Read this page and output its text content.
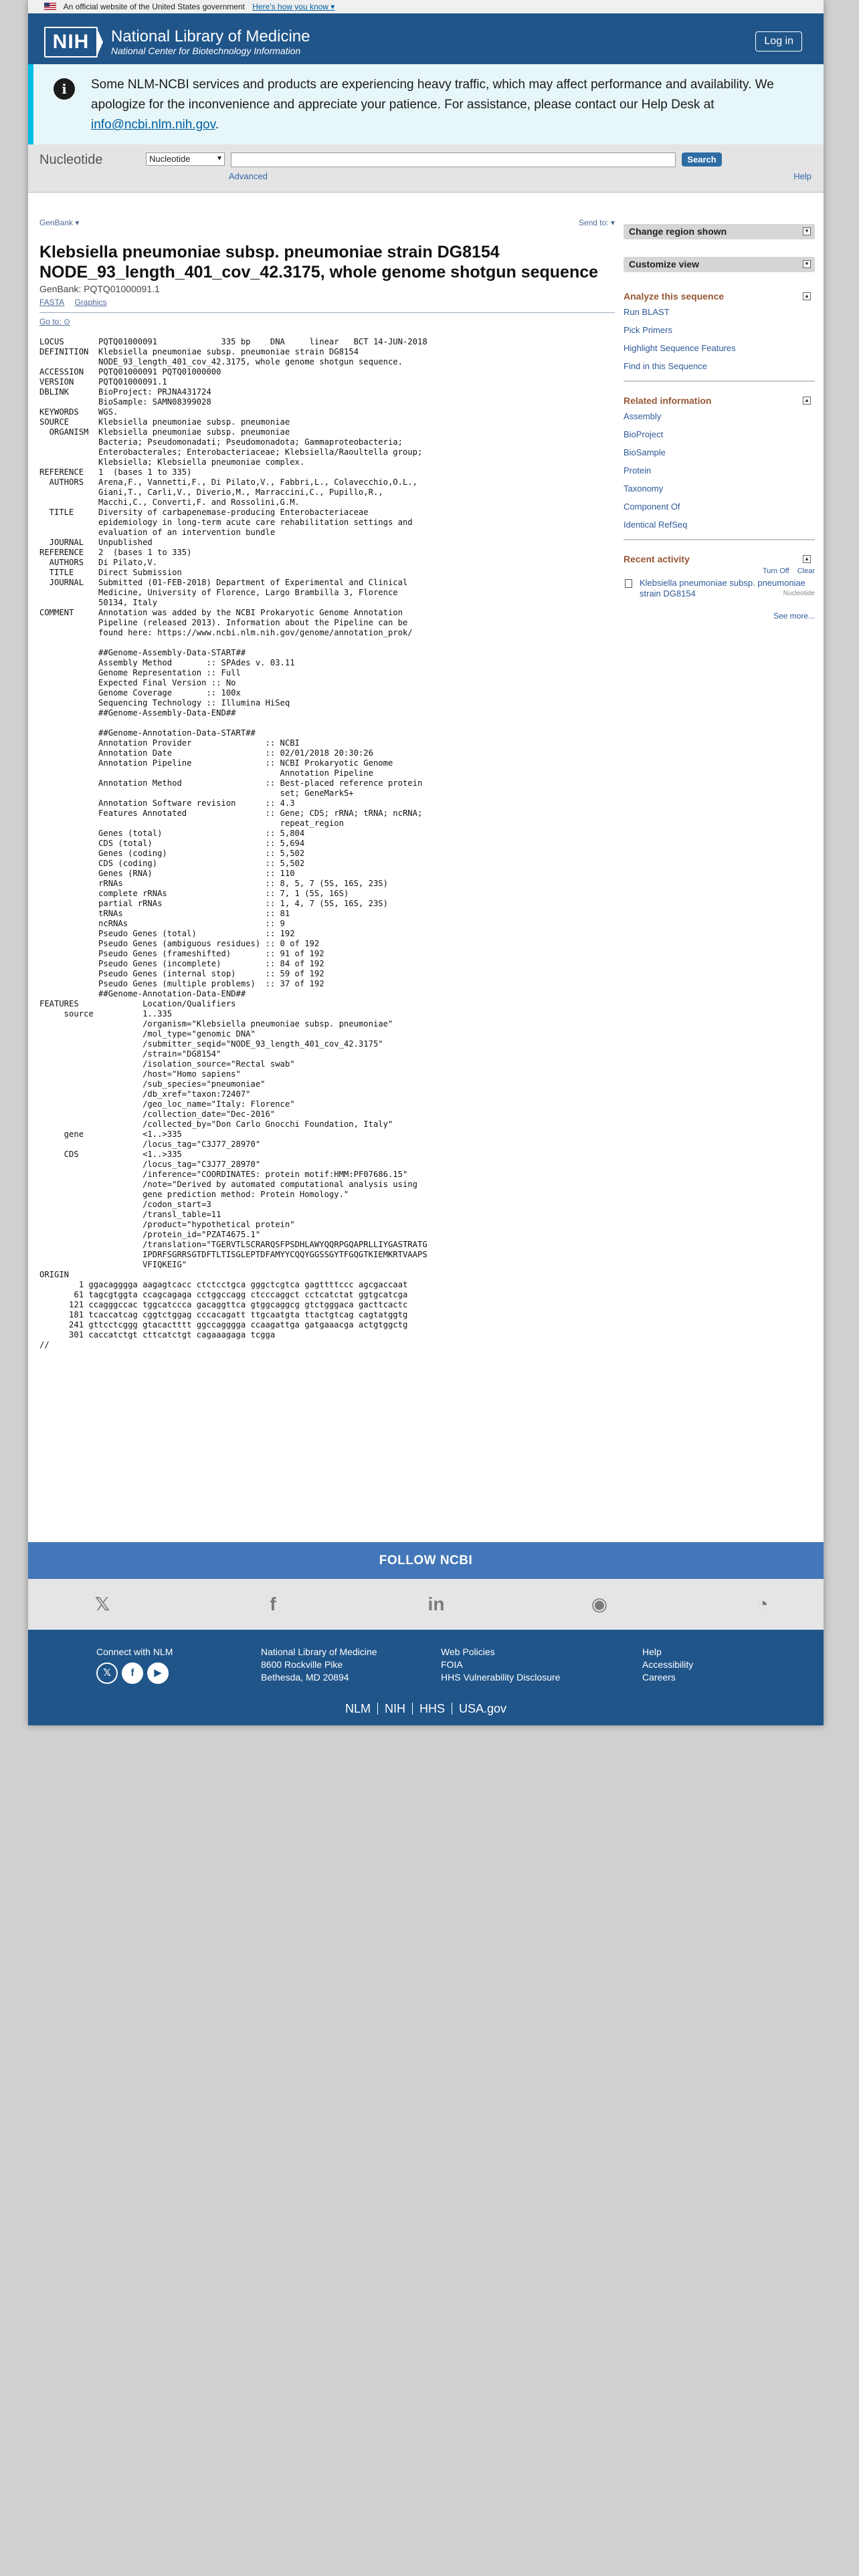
An official website of the United States government Here's how you know ▾
NIH	National Library of Medicine
National Center for Biotechnology Information
Log in
i	Some NLM-NCBI services and products are experiencing heavy traffic, which may affect performance and availability. We apologize for the inconvenience and appreciate your patience. For assistance, please contact our Help Desk at info@ncbi.nlm.nih.gov.
Nucleotide	Nucleotide ▾	Search
Advanced	Help
GenBank ▾	Send to: ▾
Klebsiella pneumoniae subsp. pneumoniae strain DG8154 NODE_93_length_401_cov_42.3175, whole genome shotgun sequence
GenBank: PQTQ01000091.1
FASTA Graphics
Go to: ⊙
LOCUS       PQTQ01000091             335 bp    DNA     linear   BCT 14-JUN-2018
DEFINITION  Klebsiella pneumoniae subsp. pneumoniae strain DG8154
NODE_93_length_401_cov_42.3175, whole genome shotgun sequence.
ACCESSION   PQTQ01000091 PQTQ01000000
VERSION     PQTQ01000091.1
DBLINK      BioProject: PRJNA431724
BioSample: SAMN08399028
KEYWORDS    WGS.
SOURCE      Klebsiella pneumoniae subsp. pneumoniae
ORGANISM  Klebsiella pneumoniae subsp. pneumoniae
Bacteria; Pseudomonadati; Pseudomonadota; Gammaproteobacteria;
Enterobacterales; Enterobacteriaceae; Klebsiella/Raoultella group;
Klebsiella; Klebsiella pneumoniae complex.
REFERENCE   1  (bases 1 to 335)
AUTHORS   Arena,F., Vannetti,F., Di Pilato,V., Fabbri,L., Colavecchio,O.L.,
Giani,T., Carli,V., Diverio,M., Marraccini,C., Pupillo,R.,
Macchi,C., Converti,F. and Rossolini,G.M.
TITLE     Diversity of carbapenemase-producing Enterobacteriaceae
epidemiology in long-term acute care rehabilitation settings and
evaluation of an intervention bundle
JOURNAL   Unpublished
REFERENCE   2  (bases 1 to 335)
AUTHORS   Di Pilato,V.
TITLE     Direct Submission
JOURNAL   Submitted (01-FEB-2018) Department of Experimental and Clinical
Medicine, University of Florence, Largo Brambilla 3, Florence
50134, Italy
COMMENT     Annotation was added by the NCBI Prokaryotic Genome Annotation
Pipeline (released 2013). Information about the Pipeline can be
found here: https://www.ncbi.nlm.nih.gov/genome/annotation_prok/

##Genome-Assembly-Data-START##
Assembly Method       :: SPAdes v. 03.11
Genome Representation :: Full
Expected Final Version :: No
Genome Coverage       :: 100x
Sequencing Technology :: Illumina HiSeq
##Genome-Assembly-Data-END##

##Genome-Annotation-Data-START##
Annotation Provider               :: NCBI
Annotation Date                   :: 02/01/2018 20:30:26
Annotation Pipeline               :: NCBI Prokaryotic Genome
Annotation Pipeline
Annotation Method                 :: Best-placed reference protein
set; GeneMarkS+
Annotation Software revision      :: 4.3
Features Annotated                :: Gene; CDS; rRNA; tRNA; ncRNA;
repeat_region
Genes (total)                     :: 5,804
CDS (total)                       :: 5,694
Genes (coding)                    :: 5,502
CDS (coding)                      :: 5,502
Genes (RNA)                       :: 110
rRNAs                             :: 8, 5, 7 (5S, 16S, 23S)
complete rRNAs                    :: 7, 1 (5S, 16S)
partial rRNAs                     :: 1, 4, 7 (5S, 16S, 23S)
tRNAs                             :: 81
ncRNAs                            :: 9
Pseudo Genes (total)              :: 192
Pseudo Genes (ambiguous residues) :: 0 of 192
Pseudo Genes (frameshifted)       :: 91 of 192
Pseudo Genes (incomplete)         :: 84 of 192
Pseudo Genes (internal stop)      :: 59 of 192
Pseudo Genes (multiple problems)  :: 37 of 192
##Genome-Annotation-Data-END##
FEATURES             Location/Qualifiers
source          1..335
/organism="Klebsiella pneumoniae subsp. pneumoniae"
/mol_type="genomic DNA"
/submitter_seqid="NODE_93_length_401_cov_42.3175"
/strain="DG8154"
/isolation_source="Rectal swab"
/host="Homo sapiens"
/sub_species="pneumoniae"
/db_xref="taxon:72407"
/geo_loc_name="Italy: Florence"
/collection_date="Dec-2016"
/collected_by="Don Carlo Gnocchi Foundation, Italy"
gene            <1..>335
/locus_tag="C3J77_28970"
CDS             <1..>335
/locus_tag="C3J77_28970"
/inference="COORDINATES: protein motif:HMM:PF07686.15"
/note="Derived by automated computational analysis using
gene prediction method: Protein Homology."
/codon_start=3
/transl_table=11
/product="hypothetical protein"
/protein_id="PZAT4675.1"
/translation="TGERVTLSCRARQSFPSDHLAWYQQRPGQAPRLLIYGASTRATG
IPDRFSGRRSGTDFTLTISGLEPTDFAMYYCQQYGGSSGYTFGQGTKIEMKRTVAAPS
VFIQKEIG"
ORIGIN
1 ggacaggggа aagagtcacc ctctcctgca gggctcgtca gagttttccc agcgaccaat
61 tagcgtggta ccagcagaga cctggccagg ctcccaggct cctcatctat ggtgcatcga
121 ccagggccac tggcatccca gacaggttca gtggcaggcg gtctgggaca gacttcactc
181 tcaccatcag cggtctggag cccacagatt ttgcaatgta ttactgtcag cagtatggtg
241 gttcctcggg gtacactttt ggccaggggа ccaagattga gatgaaacga actgtggctg
301 caccatctgt cttcatctgt cagaaagaga tcgga
//
Change region shown	▾
Customize view	▾
Analyze this sequence	▴
Run BLAST
Pick Primers
Highlight Sequence Features
Find in this Sequence
Related information	▴
Assembly
BioProject
BioSample
Protein
Taxonomy
Component Of
Identical RefSeq
Recent activity	▴
Turn Off Clear
Klebsiella pneumoniae subsp. pneumoniae strain DG8154	Nucleotide
See more...
FOLLOW NCBI
𝕏	f	in	◉	◔
Connect with NLM
𝕏	f	▶
National Library of Medicine
8600 Rockville Pike
Bethesda, MD 20894
Web Policies
FOIA
HHS Vulnerability Disclosure
Help
Accessibility
Careers
NLM NIH HHS USA.gov
